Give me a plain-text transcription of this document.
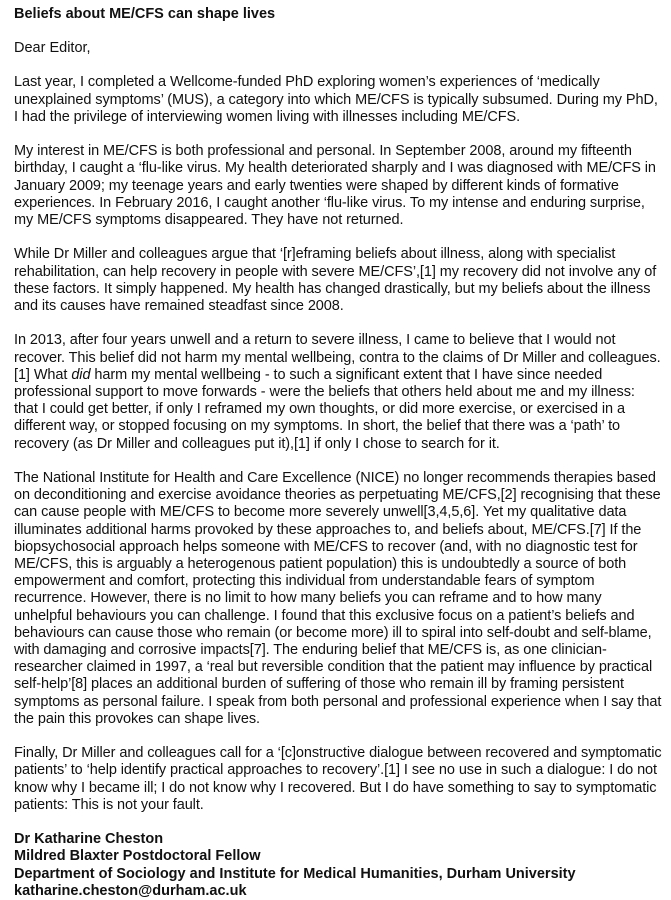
Beliefs about ME/CFS can shape lives
Dear Editor,

Last year, I completed a Wellcome-funded PhD exploring women’s experiences of ‘medically unexplained symptoms’ (MUS), a category into which ME/CFS is typically subsumed. During my PhD, I had the privilege of interviewing women living with illnesses including ME/CFS.

My interest in ME/CFS is both professional and personal. In September 2008, around my fifteenth birthday, I caught a ‘flu-like virus. My health deteriorated sharply and I was diagnosed with ME/CFS in January 2009; my teenage years and early twenties were shaped by different kinds of formative experiences. In February 2016, I caught another ‘flu-like virus. To my intense and enduring surprise, my ME/CFS symptoms disappeared. They have not returned.

While Dr Miller and colleagues argue that ‘[r]eframing beliefs about illness, along with specialist rehabilitation, can help recovery in people with severe ME/CFS’,[1] my recovery did not involve any of these factors. It simply happened. My health has changed drastically, but my beliefs about the illness and its causes have remained steadfast since 2008.

In 2013, after four years unwell and a return to severe illness, I came to believe that I would not recover. This belief did not harm my mental wellbeing, contra to the claims of Dr Miller and colleagues.[1] What did harm my mental wellbeing - to such a significant extent that I have since needed professional support to move forwards - were the beliefs that others held about me and my illness: that I could get better, if only I reframed my own thoughts, or did more exercise, or exercised in a different way, or stopped focusing on my symptoms. In short, the belief that there was a ‘path’ to recovery (as Dr Miller and colleagues put it),[1] if only I chose to search for it.

The National Institute for Health and Care Excellence (NICE) no longer recommends therapies based on deconditioning and exercise avoidance theories as perpetuating ME/CFS,[2] recognising that these can cause people with ME/CFS to become more severely unwell[3,4,5,6]. Yet my qualitative data illuminates additional harms provoked by these approaches to, and beliefs about, ME/CFS.[7] If the biopsychosocial approach helps someone with ME/CFS to recover (and, with no diagnostic test for ME/CFS, this is arguably a heterogenous patient population) this is undoubtedly a source of both empowerment and comfort, protecting this individual from understandable fears of symptom recurrence. However, there is no limit to how many beliefs you can reframe and to how many unhelpful behaviours you can challenge. I found that this exclusive focus on a patient’s beliefs and behaviours can cause those who remain (or become more) ill to spiral into self-doubt and self-blame, with damaging and corrosive impacts[7]. The enduring belief that ME/CFS is, as one clinician-researcher claimed in 1997, a ‘real but reversible condition that the patient may influence by practical self-help’[8] places an additional burden of suffering of those who remain ill by framing persistent symptoms as personal failure. I speak from both personal and professional experience when I say that the pain this provokes can shape lives.

Finally, Dr Miller and colleagues call for a ‘[c]onstructive dialogue between recovered and symptomatic patients’ to ‘help identify practical approaches to recovery’.[1] I see no use in such a dialogue: I do not know why I became ill; I do not know why I recovered. But I do have something to say to symptomatic patients: This is not your fault.

Dr Katharine Cheston
Mildred Blaxter Postdoctoral Fellow
Department of Sociology and Institute for Medical Humanities, Durham University
katharine.cheston@durham.ac.uk
